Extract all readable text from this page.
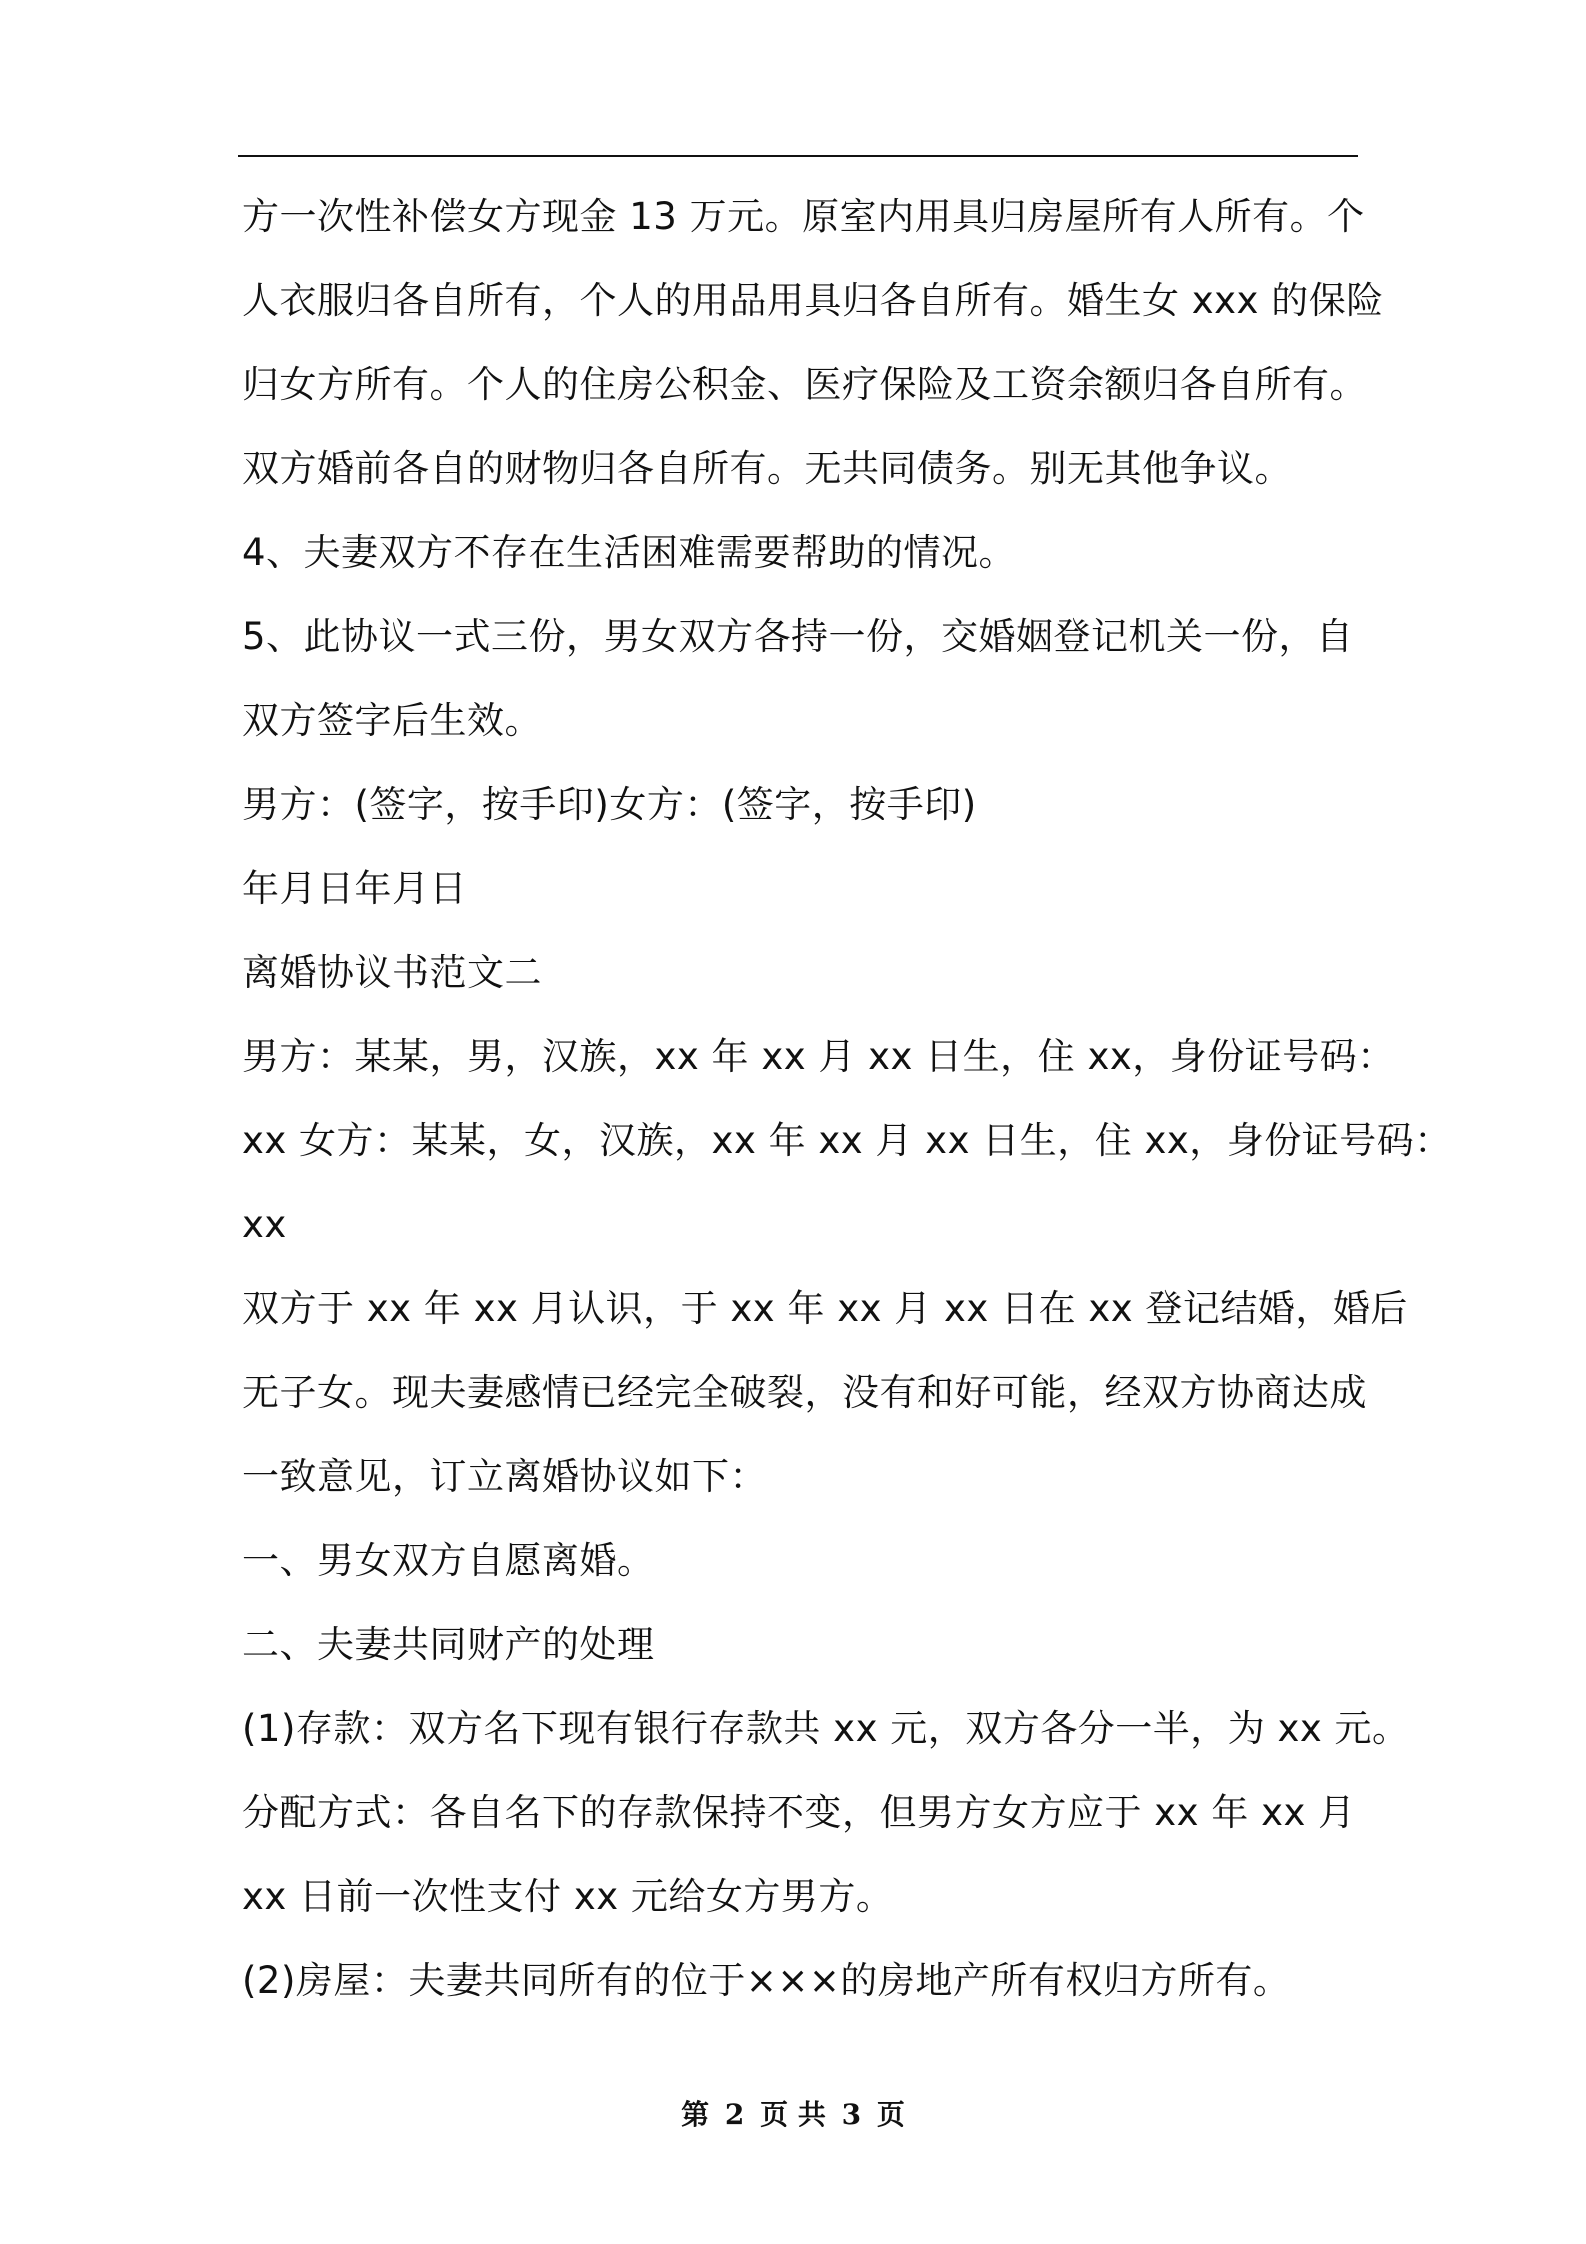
方一次性补偿女方现金 13 万元。原室内用具归房屋所有人所有。个
人衣服归各自所有，个人的用品用具归各自所有。婚生女 xxx 的保险
归女方所有。个人的住房公积金、医疗保险及工资余额归各自所有。
双方婚前各自的财物归各自所有。无共同债务。别无其他争议。
4、夫妻双方不存在生活困难需要帮助的情况。
5、此协议一式三份，男女双方各持一份，交婚姻登记机关一份，自
双方签字后生效。
男方：(签字，按手印)女方：(签字，按手印)
年月日年月日
离婚协议书范文二
男方：某某，男，汉族，xx 年 xx 月 xx 日生，住 xx，身份证号码：
xx 女方：某某，女，汉族，xx 年 xx 月 xx 日生，住 xx，身份证号码：
xx
双方于 xx 年 xx 月认识，于 xx 年 xx 月 xx 日在 xx 登记结婚，婚后
无子女。现夫妻感情已经完全破裂，没有和好可能，经双方协商达成
一致意见，订立离婚协议如下：
一、男女双方自愿离婚。
二、夫妻共同财产的处理
(1)存款：双方名下现有银行存款共 xx 元，双方各分一半，为 xx 元。
分配方式：各自名下的存款保持不变，但男方女方应于 xx 年 xx 月
xx 日前一次性支付 xx 元给女方男方。
(2)房屋：夫妻共同所有的位于×××的房地产所有权归方所有。
第 2 页 共 3 页
